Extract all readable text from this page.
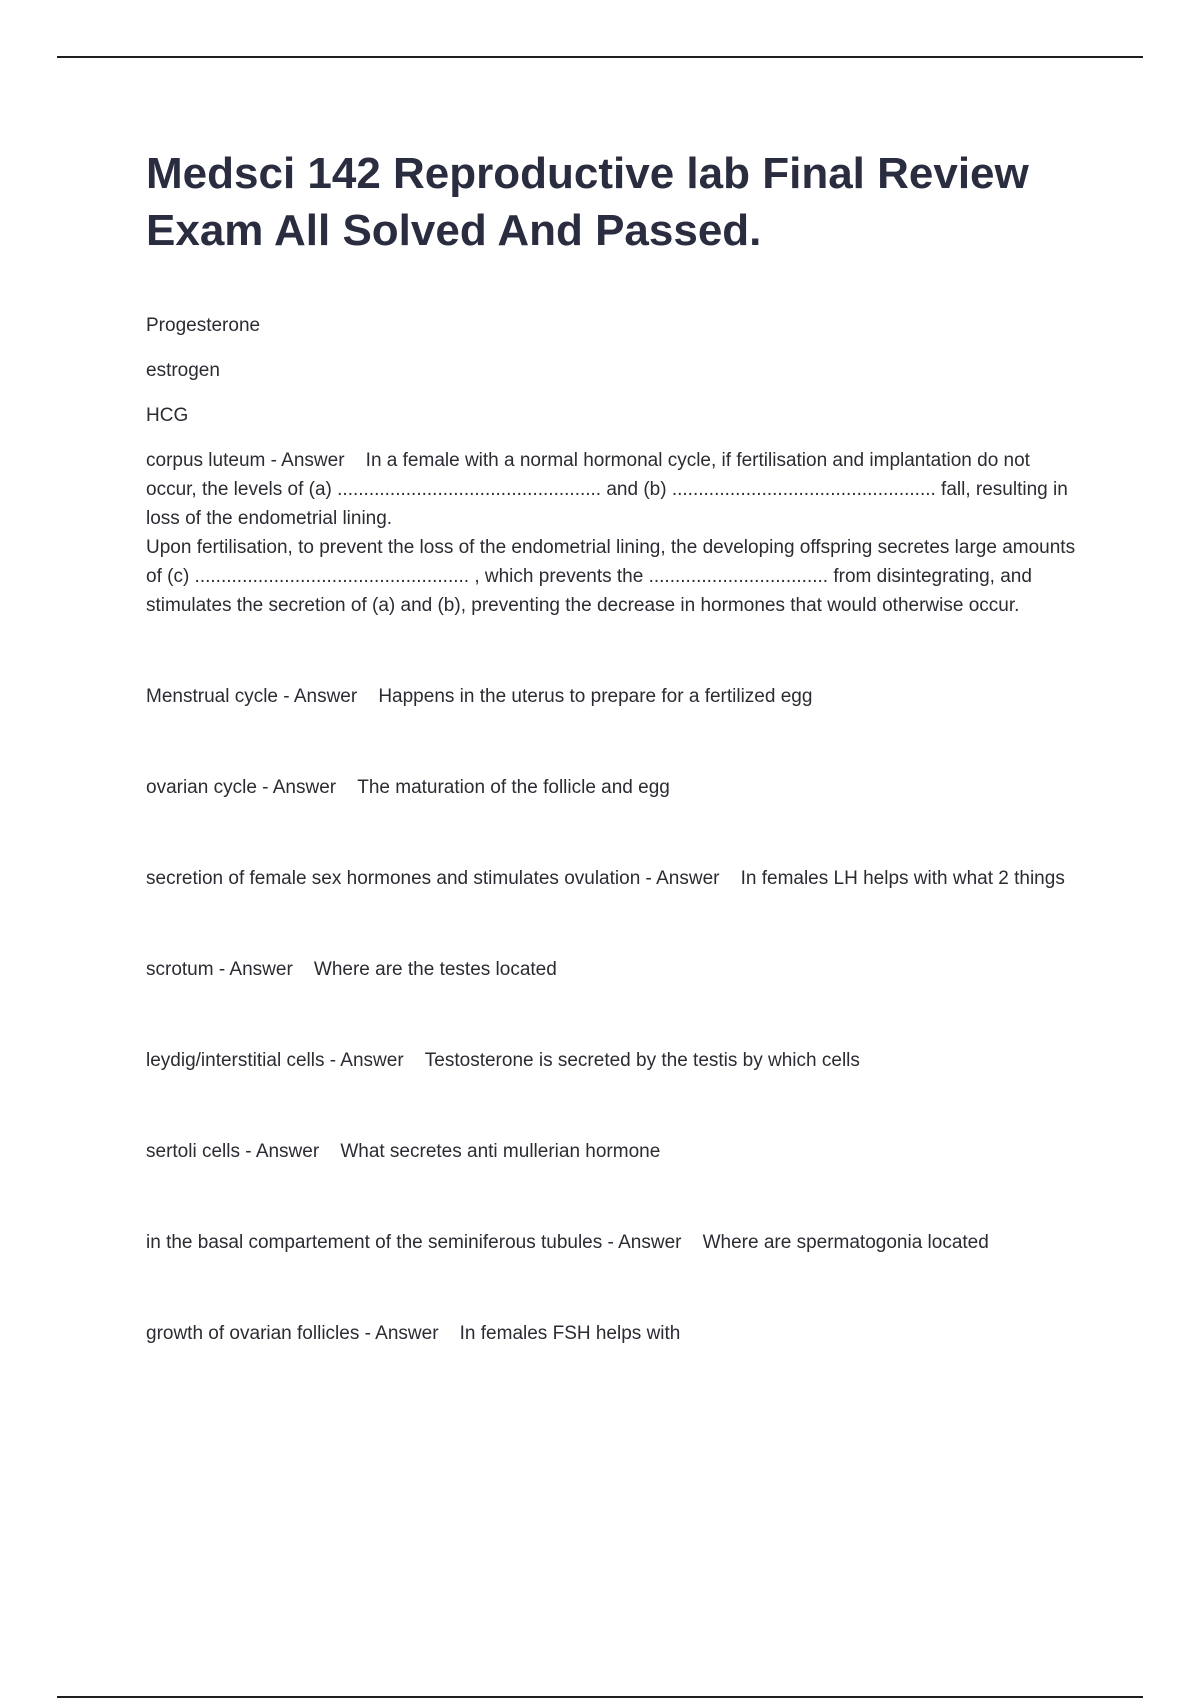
Medsci 142 Reproductive lab Final Review Exam All Solved And Passed.

Progesterone

estrogen

HCG

corpus luteum - Answer    In a female with a normal hormonal cycle, if fertilisation and implantation do not occur, the levels of (a) .................................................. and (b) .................................................. fall, resulting in loss of the endometrial lining.

Upon fertilisation, to prevent the loss of the endometrial lining, the developing offspring secretes large amounts of (c) .................................................... , which prevents the .................................. from disintegrating, and stimulates the secretion of (a) and (b), preventing the decrease in hormones that would otherwise occur.

Menstrual cycle - Answer    Happens in the uterus to prepare for a fertilized egg

ovarian cycle - Answer    The maturation of the follicle and egg

secretion of female sex hormones and stimulates ovulation - Answer    In females LH helps with what 2 things

scrotum - Answer    Where are the testes located

leydig/interstitial cells - Answer    Testosterone is secreted by the testis by which cells

sertoli cells - Answer    What secretes anti mullerian hormone

in the basal compartement of the seminiferous tubules - Answer    Where are spermatogonia located

growth of ovarian follicles - Answer    In females FSH helps with
